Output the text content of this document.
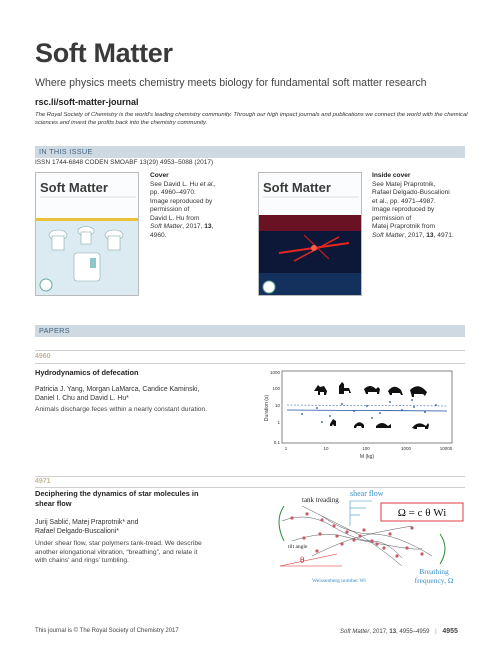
Soft Matter
Where physics meets chemistry meets biology for fundamental soft matter research
rsc.li/soft-matter-journal
The Royal Society of Chemistry is the world's leading chemistry community. Through our high impact journals and publications we connect the world with the chemical sciences and invest the profits back into the chemistry community.
IN THIS ISSUE
ISSN 1744-6848 CODEN SMOABF 13(29) 4953–5088 (2017)
Soft Matter
Cover
See David L. Hu et al.,
pp. 4960–4970.
Image reproduced by
permission of
David L. Hu from
Soft Matter, 2017, 13,
4960.
Soft Matter
Inside cover
See Matej Praprotnik,
Rafael Delgado-Buscalioni
et al., pp. 4971–4987.
Image reproduced by
permission of
Matej Praprotnik from
Soft Matter, 2017, 13, 4971.
PAPERS
4960
Hydrodynamics of defecation
Patricia J. Yang, Morgan LaMarca, Candice Kaminski,
Daniel I. Chu and David L. Hu*
Animals discharge feces within a nearly constant duration.	Duration (s)
1000
100
10
1
0.1
1	10	100	1000	10000
M (kg)
4971
Deciphering the dynamics of star molecules in
shear flow
Jurij Sablić, Matej Praprotnik* and
Rafael Delgado-Buscalioni*
Under shear flow, star polymers tank-tread. We describe
another elongational vibration, “breathing”, and relate it
with chains’ and rings’ tumbling.
tank treading
shear flow
Ω = c θ Wi
tilt angle
θ
Weissenberg number Wi
Breathing
frequency, Ω
This journal is © The Royal Society of Chemistry 2017	Soft Matter, 2017, 13, 4955–4959 | 4955
